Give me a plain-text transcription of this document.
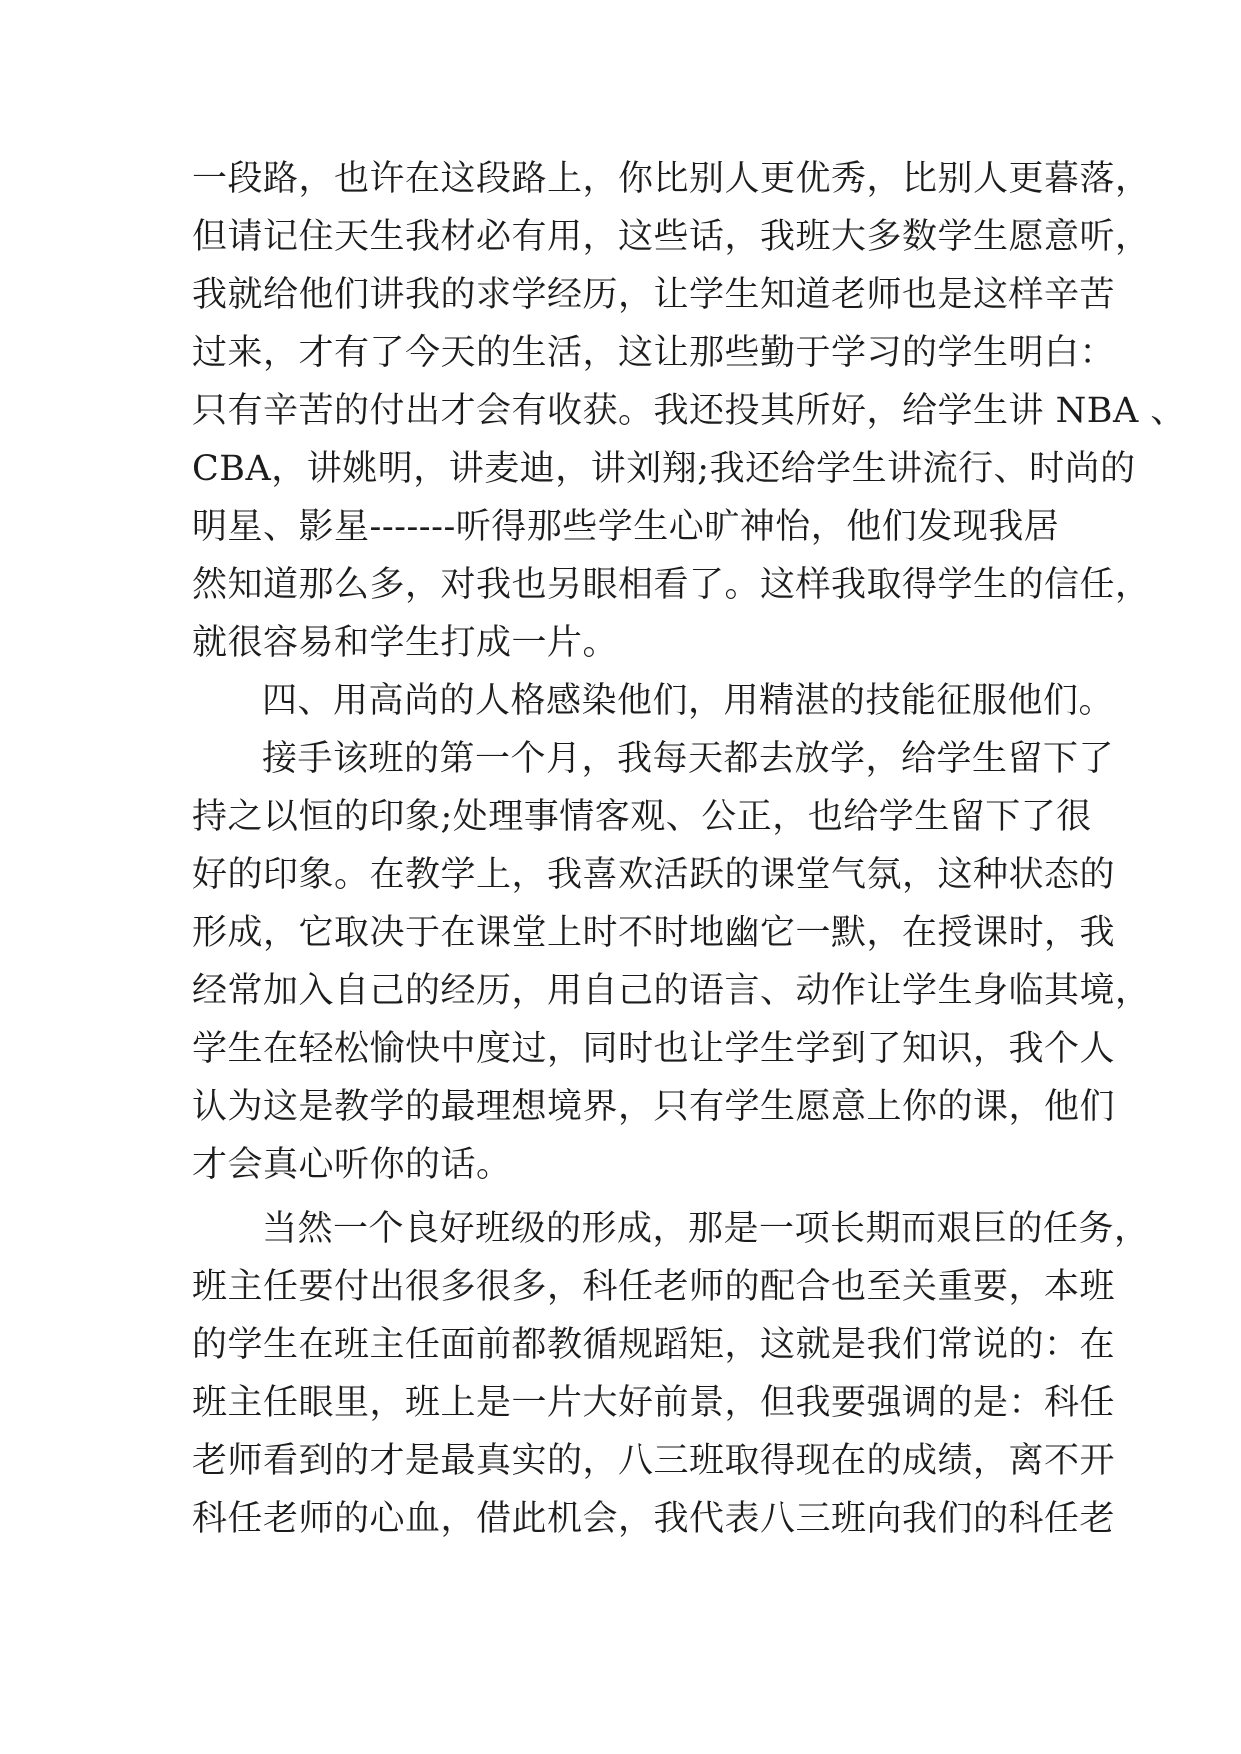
一段路，也许在这段路上，你比别人更优秀，比别人更暮落，
但请记住天生我材必有用，这些话，我班大多数学生愿意听，
我就给他们讲我的求学经历，让学生知道老师也是这样辛苦
过来，才有了今天的生活，这让那些勤于学习的学生明白：
只有辛苦的付出才会有收获。我还投其所好，给学生讲 NBA 、
CBA，讲姚明，讲麦迪，讲刘翔;我还给学生讲流行、时尚的
明星、影星-------听得那些学生心旷神怡，他们发现我居
然知道那么多，对我也另眼相看了。这样我取得学生的信任，
就很容易和学生打成一片。
四、用高尚的人格感染他们，用精湛的技能征服他们。
接手该班的第一个月，我每天都去放学，给学生留下了
持之以恒的印象;处理事情客观、公正，也给学生留下了很
好的印象。在教学上，我喜欢活跃的课堂气氛，这种状态的
形成，它取决于在课堂上时不时地幽它一默，在授课时，我
经常加入自己的经历，用自己的语言、动作让学生身临其境，
学生在轻松愉快中度过，同时也让学生学到了知识，我个人
认为这是教学的最理想境界，只有学生愿意上你的课，他们
才会真心听你的话。
当然一个良好班级的形成，那是一项长期而艰巨的任务，
班主任要付出很多很多，科任老师的配合也至关重要，本班
的学生在班主任面前都教循规蹈矩，这就是我们常说的：在
班主任眼里，班上是一片大好前景，但我要强调的是：科任
老师看到的才是最真实的，八三班取得现在的成绩，离不开
科任老师的心血，借此机会，我代表八三班向我们的科任老
